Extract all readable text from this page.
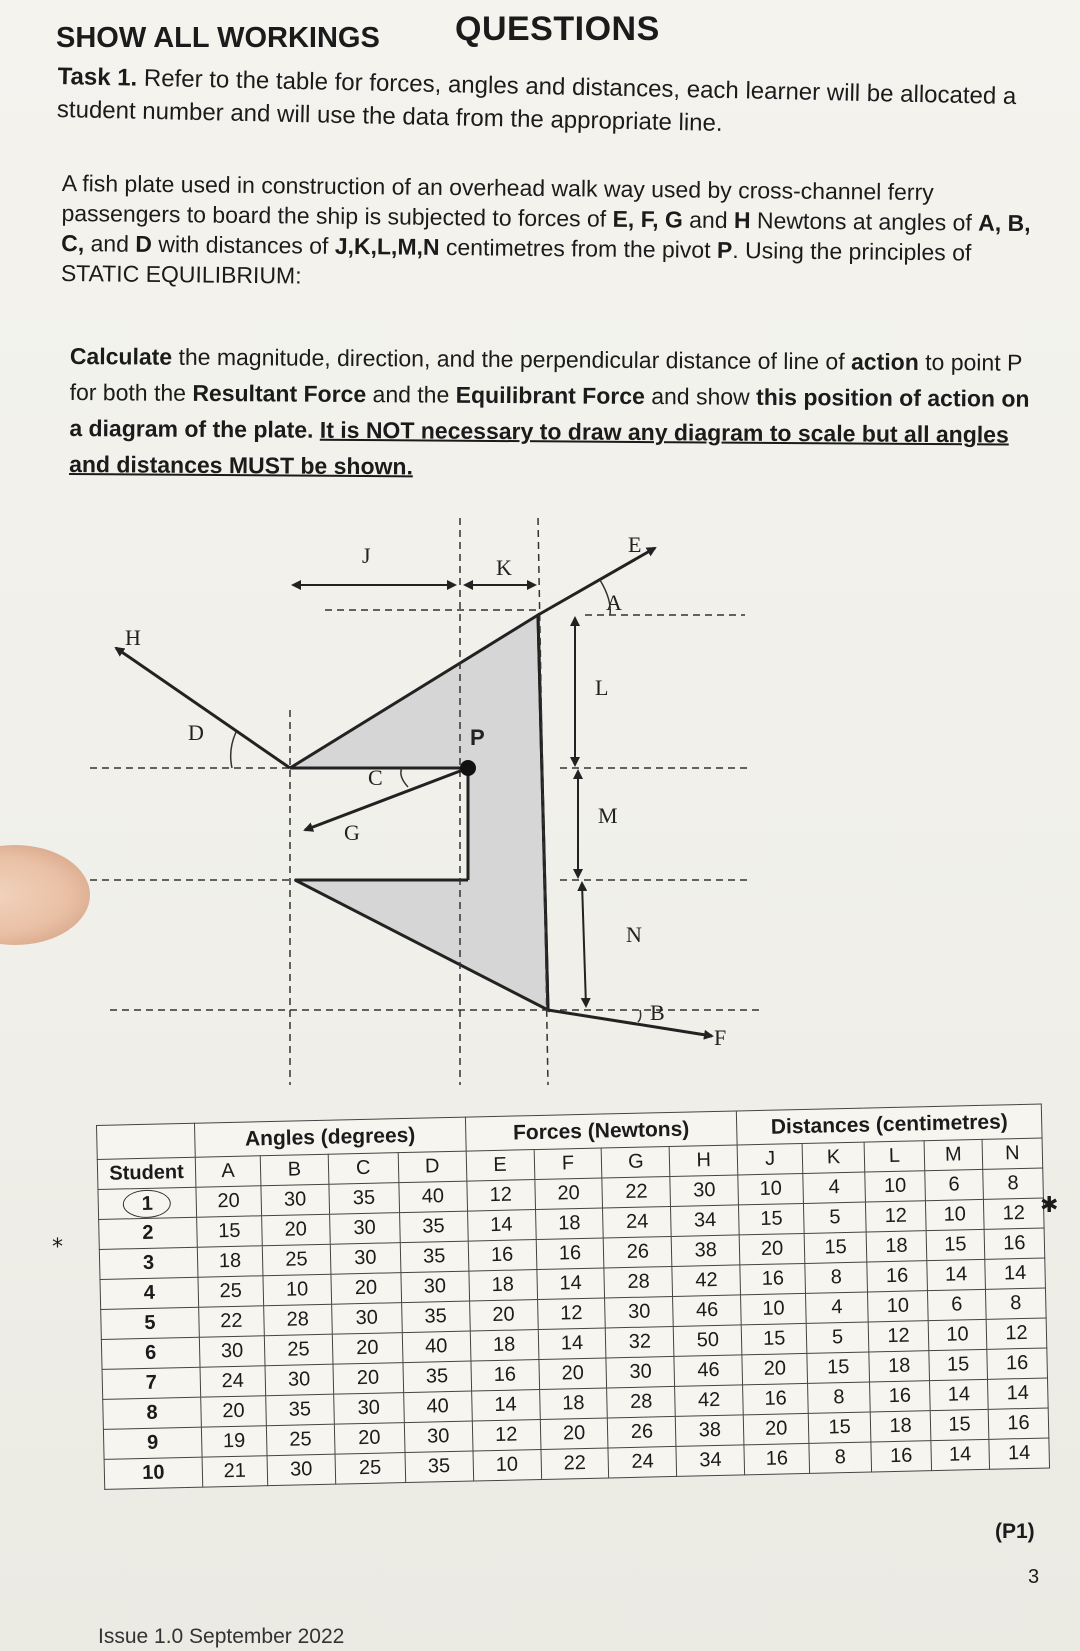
QUESTIONS
SHOW ALL WORKINGS
Task 1. Refer to the table for forces, angles and distances, each learner will be allocated a student number and will use the data from the appropriate line.
A fish plate used in construction of an overhead walk way used by cross-channel ferry passengers to board the ship is subjected to forces of E, F, G and H Newtons at angles of A, B, C, and D with distances of J,K,L,M,N centimetres from the pivot P. Using the principles of STATIC EQUILIBRIUM:
Calculate the magnitude, direction, and the perpendicular distance of line of action to point P for both the Resultant Force and the Equilibrant Force and show this position of action on a diagram of the plate. It is NOT necessary to draw any diagram to scale but all angles and distances MUST be shown.
H
D
J	K
E
A
L
P
C
M
G
N
B
F
	Angles (degrees)				Forces (Newtons)				Distances (centimetres)				
Student	A	B	C	D	E	F	G	H	J	K	L	M	N
1	20	30	35	40	12	20	22	30	10	4	10	6	8
2	15	20	30	35	14	18	24	34	15	5	12	10	12
3	18	25	30	35	16	16	26	38	20	15	18	15	16
4	25	10	20	30	18	14	28	42	16	8	16	14	14
5	22	28	30	35	20	12	30	46	10	4	10	6	8
6	30	25	20	40	18	14	32	50	15	5	12	10	12
7	24	30	20	35	16	20	30	46	20	15	18	15	16
8	20	35	30	40	14	18	28	42	16	8	16	14	14
9	19	25	20	30	12	20	26	38	20	15	18	15	16
10	21	30	25	35	10	22	24	34	16	8	16	14	14
⁎
✱
(P1)
3
Issue 1.0 September 2022
